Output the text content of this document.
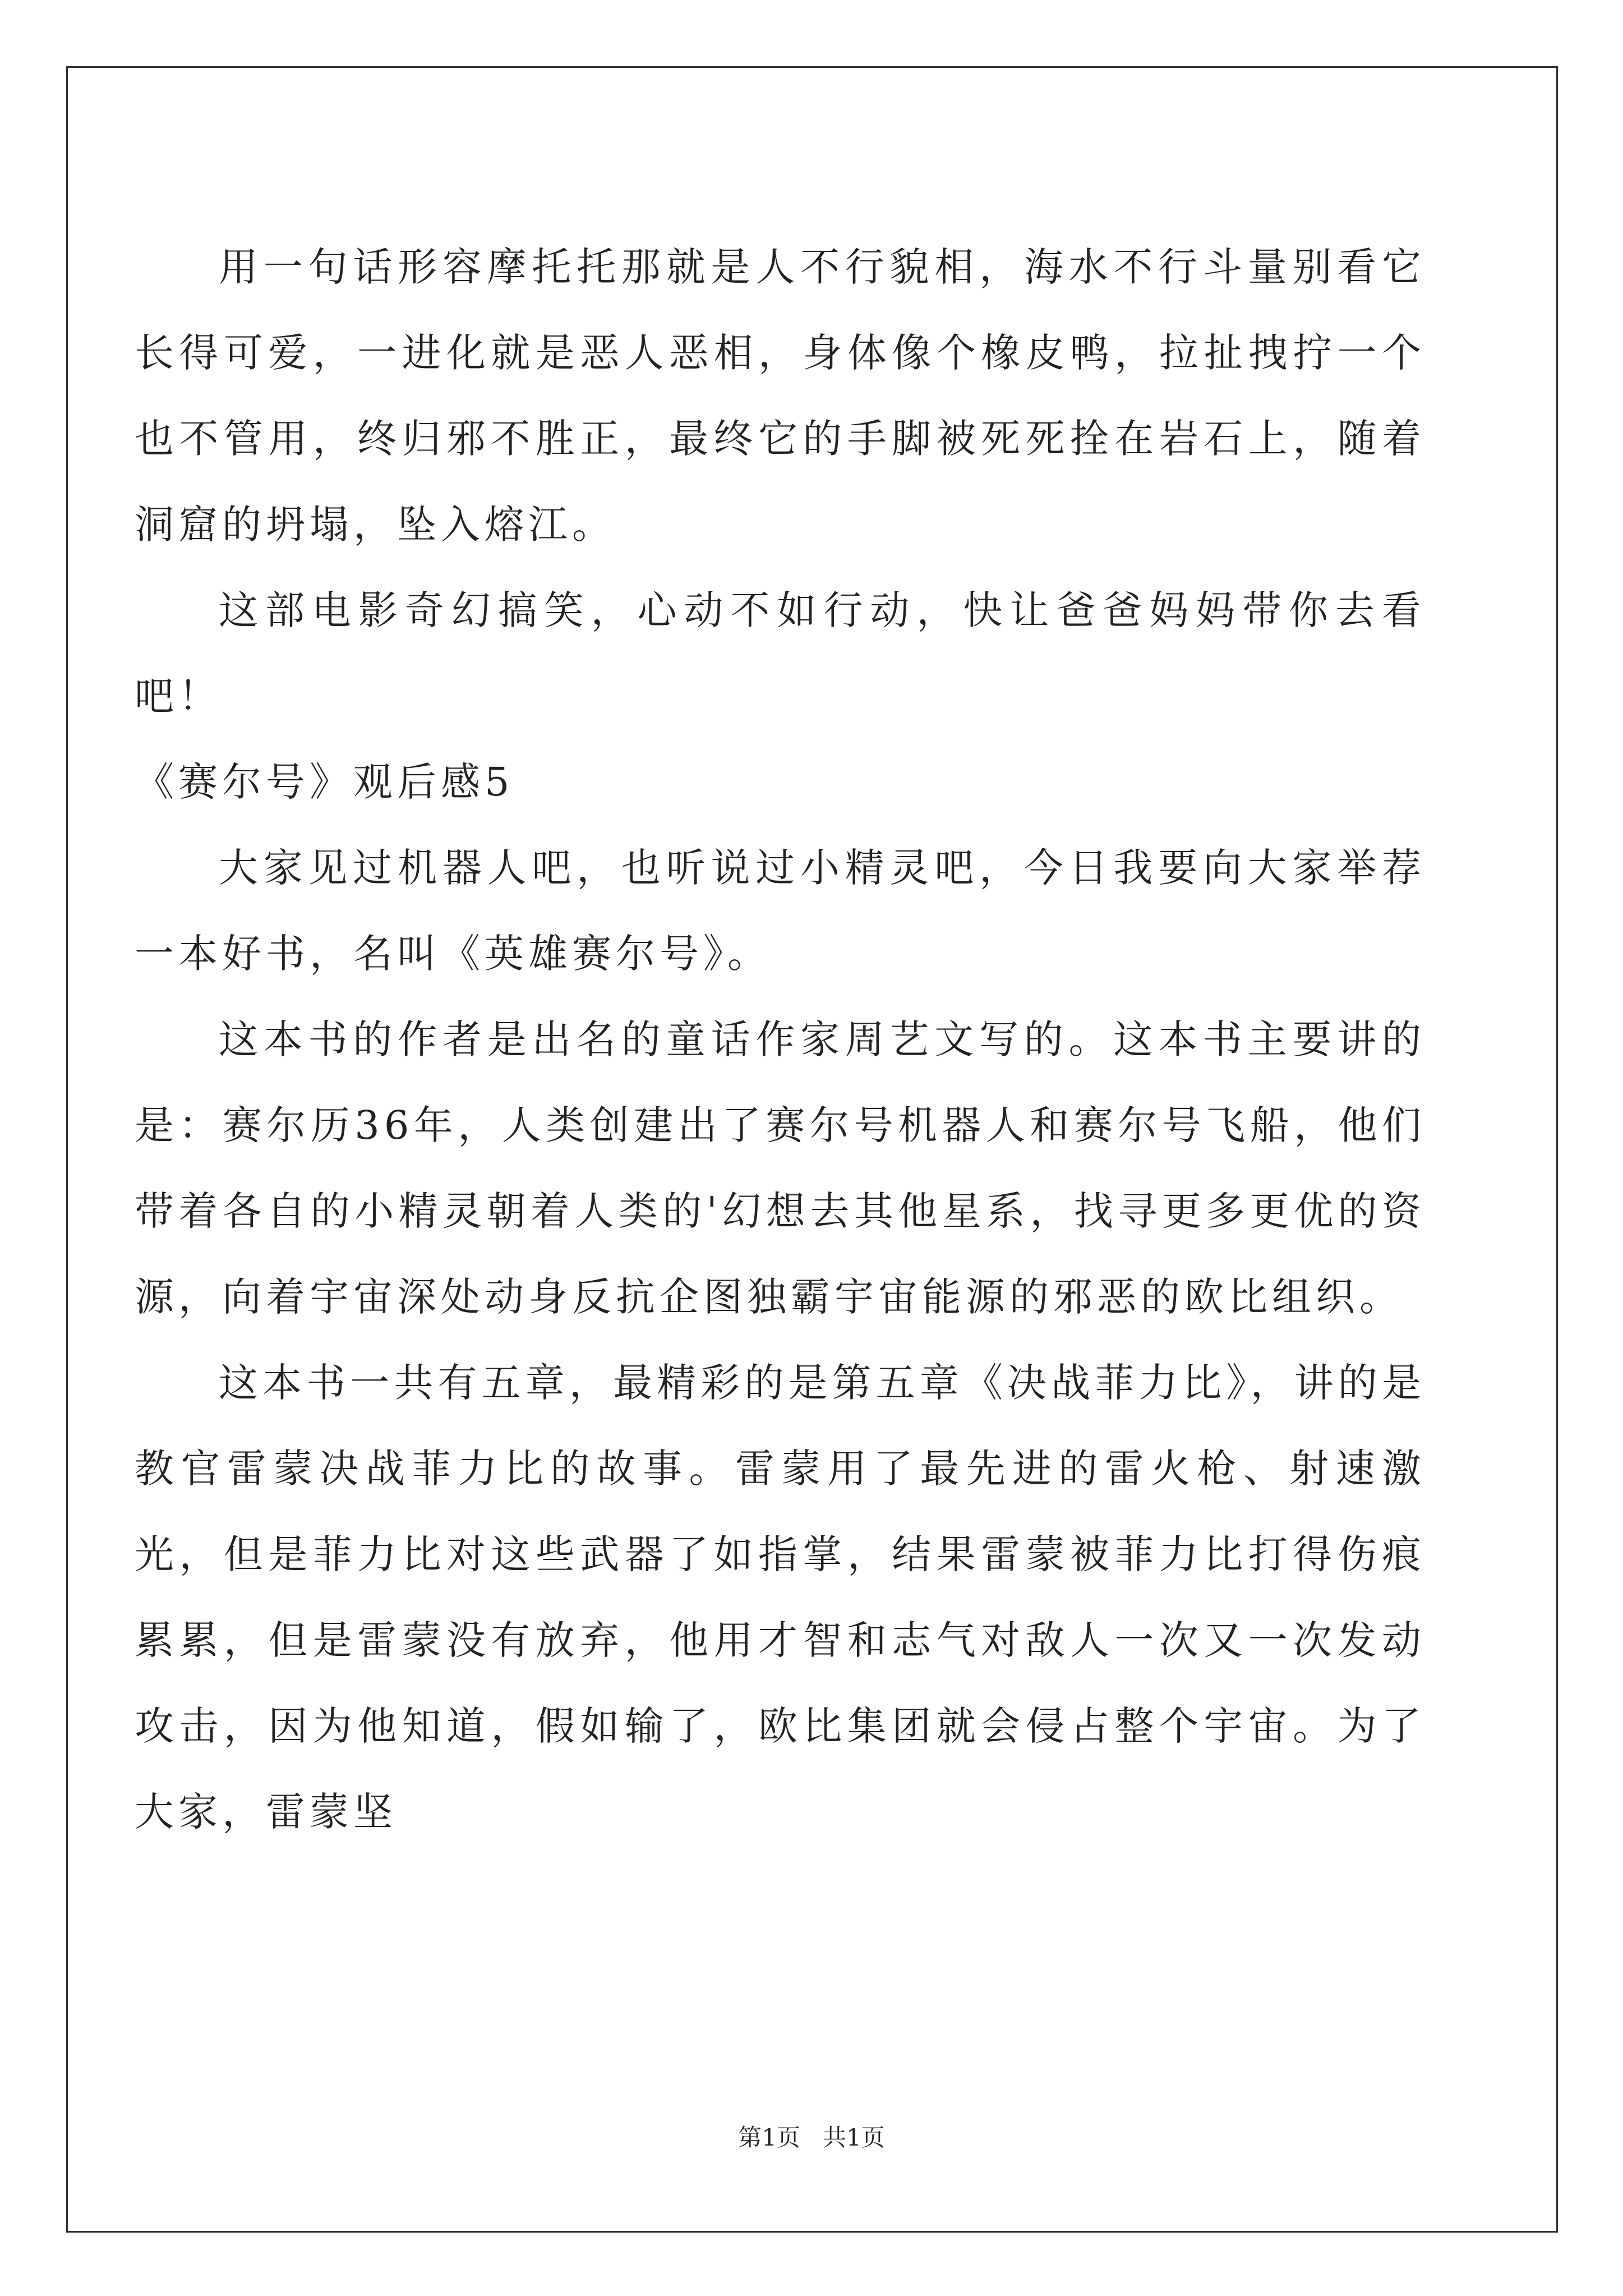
用一句话形容摩托托那就是人不行貌相，海水不行斗量别看它长得可爱，一进化就是恶人恶相，身体像个橡皮鸭，拉扯拽拧一个也不管用，终归邪不胜正，最终它的手脚被死死拴在岩石上，随着洞窟的坍塌，坠入熔江。

这部电影奇幻搞笑，心动不如行动，快让爸爸妈妈带你去看吧！

《赛尔号》观后感5

大家见过机器人吧，也听说过小精灵吧，今日我要向大家举荐一本好书，名叫《英雄赛尔号》。

这本书的作者是出名的童话作家周艺文写的。这本书主要讲的是：赛尔历36年，人类创建出了赛尔号机器人和赛尔号飞船，他们带着各自的小精灵朝着人类的'幻想去其他星系，找寻更多更优的资源，向着宇宙深处动身反抗企图独霸宇宙能源的邪恶的欧比组织。

这本书一共有五章，最精彩的是第五章《决战菲力比》，讲的是教官雷蒙决战菲力比的故事。雷蒙用了最先进的雷火枪、射速激光，但是菲力比对这些武器了如指掌，结果雷蒙被菲力比打得伤痕累累，但是雷蒙没有放弃，他用才智和志气对敌人一次又一次发动攻击，因为他知道，假如输了，欧比集团就会侵占整个宇宙。为了大家，雷蒙坚

第1页   共1页
